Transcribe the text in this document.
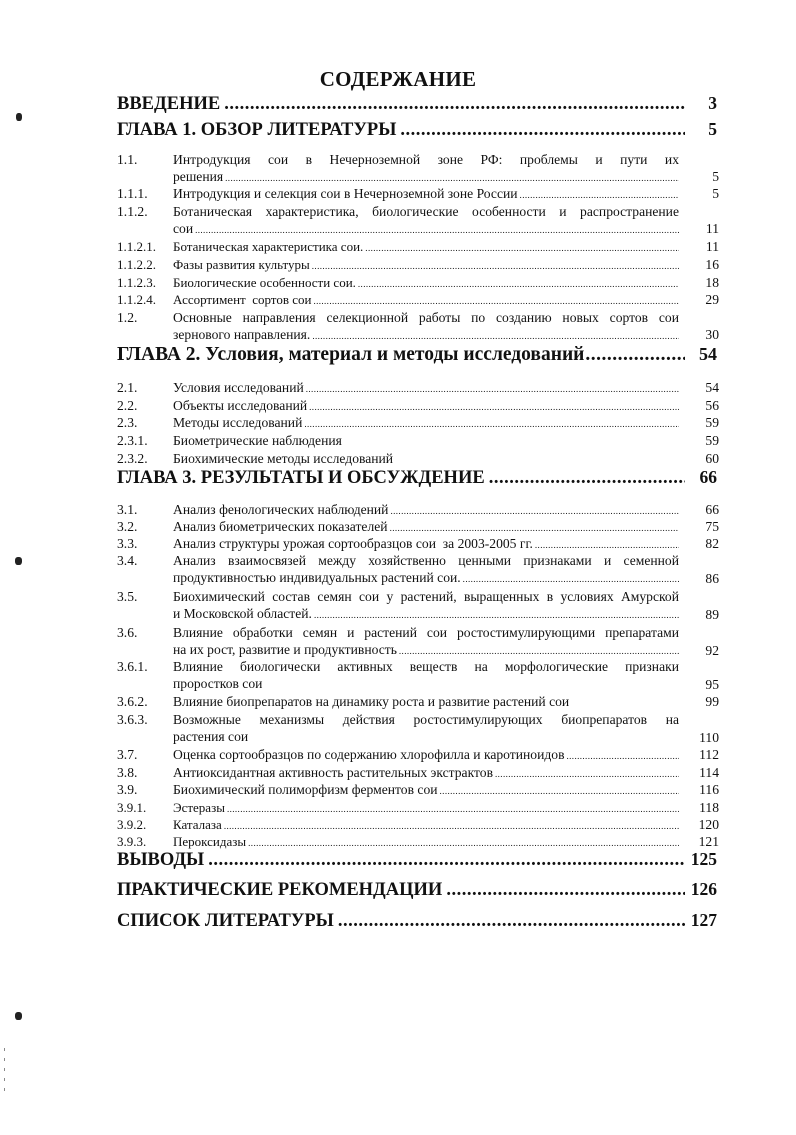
СОДЕРЖАНИЕ
ВВЕДЕНИЕ .....	3
ГЛАВА 1. ОБЗОР ЛИТЕРАТУРЫ .....	5
1.1.	Интродукция сои в Нечерноземной зоне РФ: проблемы и пути их
решения .....	5
1.1.1.	Интродукция и селекция сои в Нечерноземной зоне России .....	5
1.1.2.	Ботаническая характеристика, биологические особенности и распространение
сои .....	11
1.1.2.1.	Ботаническая характеристика сои. .....	11
1.1.2.2.	Фазы развития культуры .....	16
1.1.2.3.	Биологические особенности сои. .....	18
1.1.2.4.	Ассортимент  сортов сои .....	29
1.2.	Основные направления селекционной работы по созданию новых сортов сои
зернового направления. .....	30
ГЛАВА 2. Условия, материал и методы исследований .....	54
2.1.	Условия исследований .....	54
2.2.	Объекты исследований .....	56
2.3.	Методы исследований .....	59
2.3.1.	Биометрические наблюдения	59
2.3.2.	Биохимические методы исследований	60
ГЛАВА 3. РЕЗУЛЬТАТЫ И ОБСУЖДЕНИЕ .....	66
3.1.	Анализ фенологических наблюдений .....	66
3.2.	Анализ биометрических показателей .....	75
3.3.	Анализ структуры урожая сортообразцов сои  за 2003-2005 гг. .....	82
3.4.	Анализ взаимосвязей между хозяйственно ценными признаками и семенной
продуктивностью индивидуальных растений сои. .....	86
3.5.	Биохимический состав семян сои у растений, выращенных в условиях Амурской
и Московской областей. .....	89
3.6.	Влияние обработки семян и растений сои ростостимулирующими препаратами
на их рост, развитие и продуктивность .....	92
3.6.1.	Влияние биологически активных веществ на морфологические признаки
проростков сои	95
3.6.2.	Влияние биопрепаратов на динамику роста и развитие растений сои	99
3.6.3.	Возможные механизмы действия ростостимулирующих биопрепаратов на
растения сои	110
3.7.	Оценка сортообразцов по содержанию хлорофилла и каротиноидов .....	112
3.8.	Антиоксидантная активность растительных экстрактов .....	114
3.9.	Биохимический полиморфизм ферментов сои .....	116
3.9.1.	Эстеразы .....	118
3.9.2.	Каталаза .....	120
3.9.3.	Пероксидазы .....	121
ВЫВОДЫ .....	125
ПРАКТИЧЕСКИЕ РЕКОМЕНДАЦИИ .....	126
СПИСОК ЛИТЕРАТУРЫ .....	127
